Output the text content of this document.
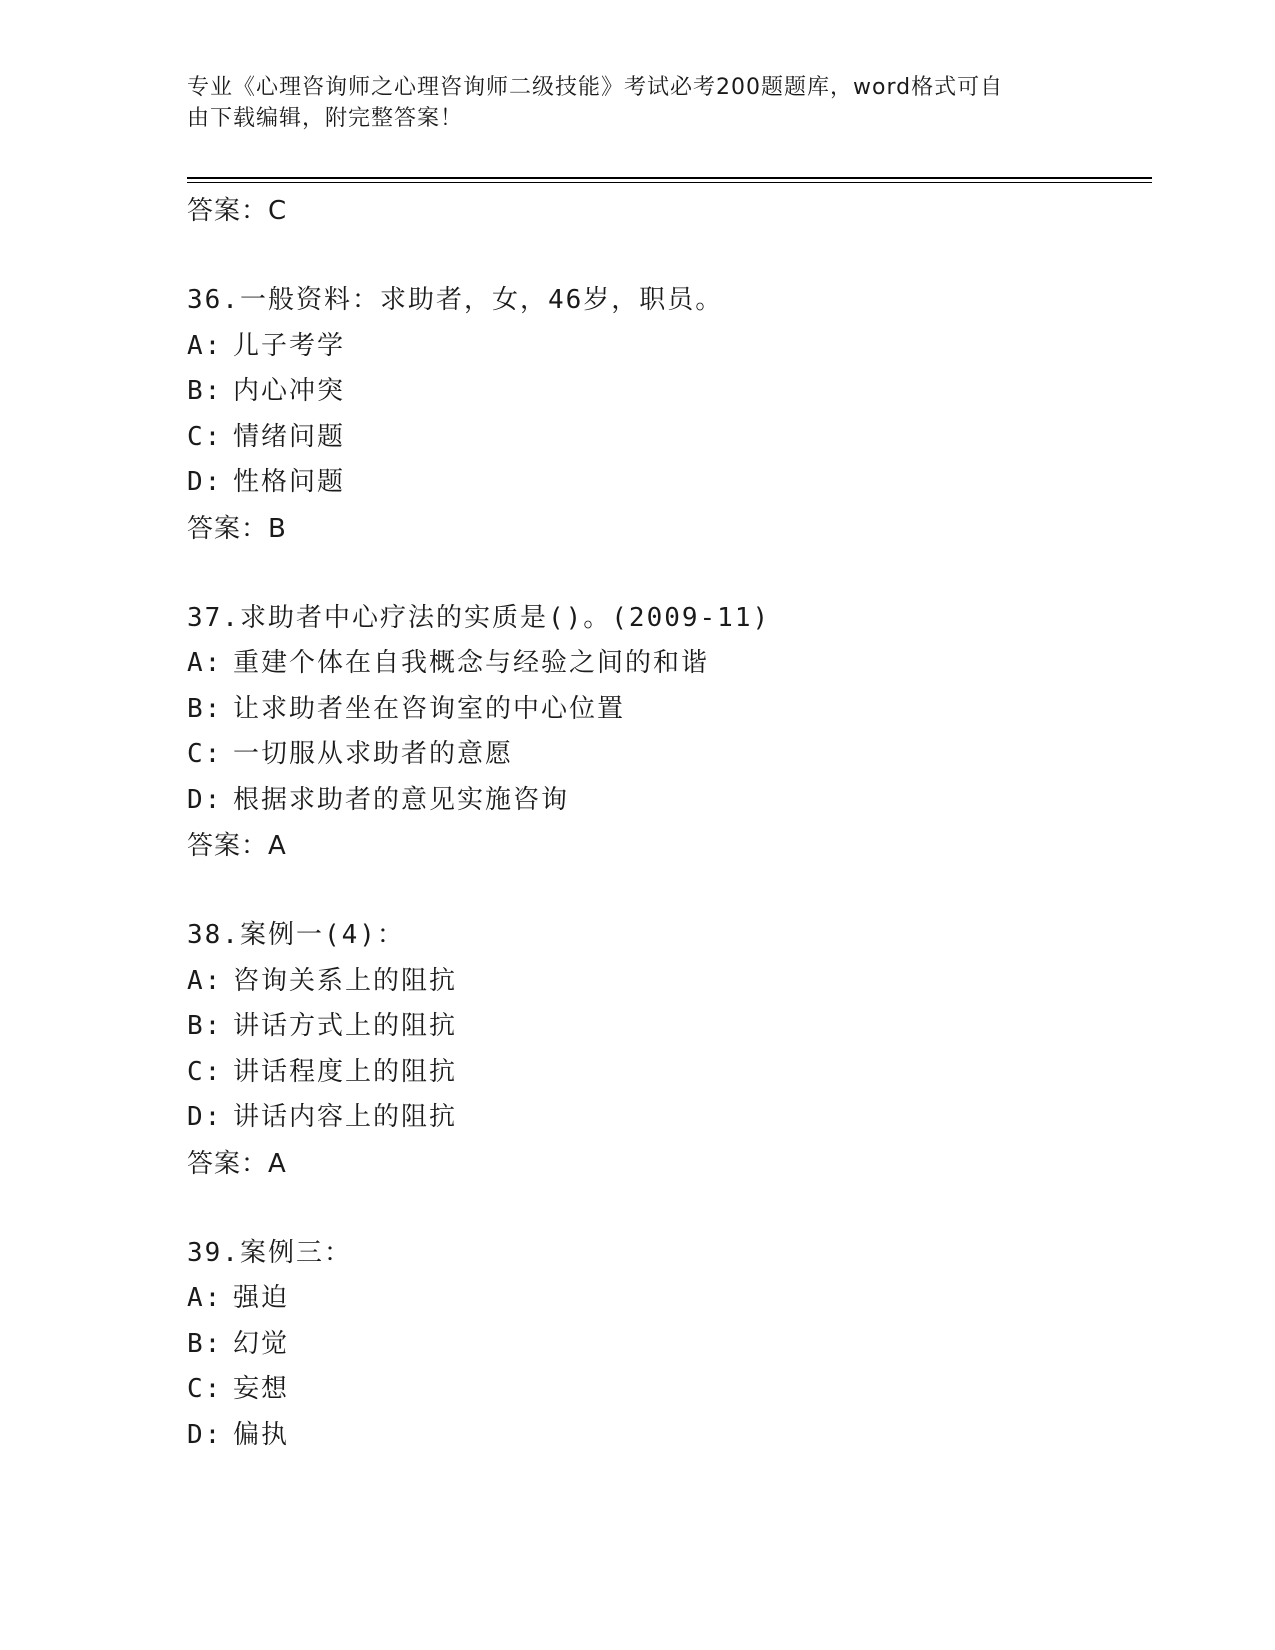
专业《心理咨询师之心理咨询师二级技能》考试必考200题题库，word格式可自
由下载编辑，附完整答案！
答案：C
36.一般资料：求助者，女，46岁，职员。
A: 儿子考学
B: 内心冲突
C: 情绪问题
D: 性格问题
答案：B
37.求助者中心疗法的实质是()。(2009-11)
A: 重建个体在自我概念与经验之间的和谐
B: 让求助者坐在咨询室的中心位置
C: 一切服从求助者的意愿
D: 根据求助者的意见实施咨询
答案：A
38.案例一(4)：
A: 咨询关系上的阻抗
B: 讲话方式上的阻抗
C: 讲话程度上的阻抗
D: 讲话内容上的阻抗
答案：A
39.案例三：
A: 强迫
B: 幻觉
C: 妄想
D: 偏执
